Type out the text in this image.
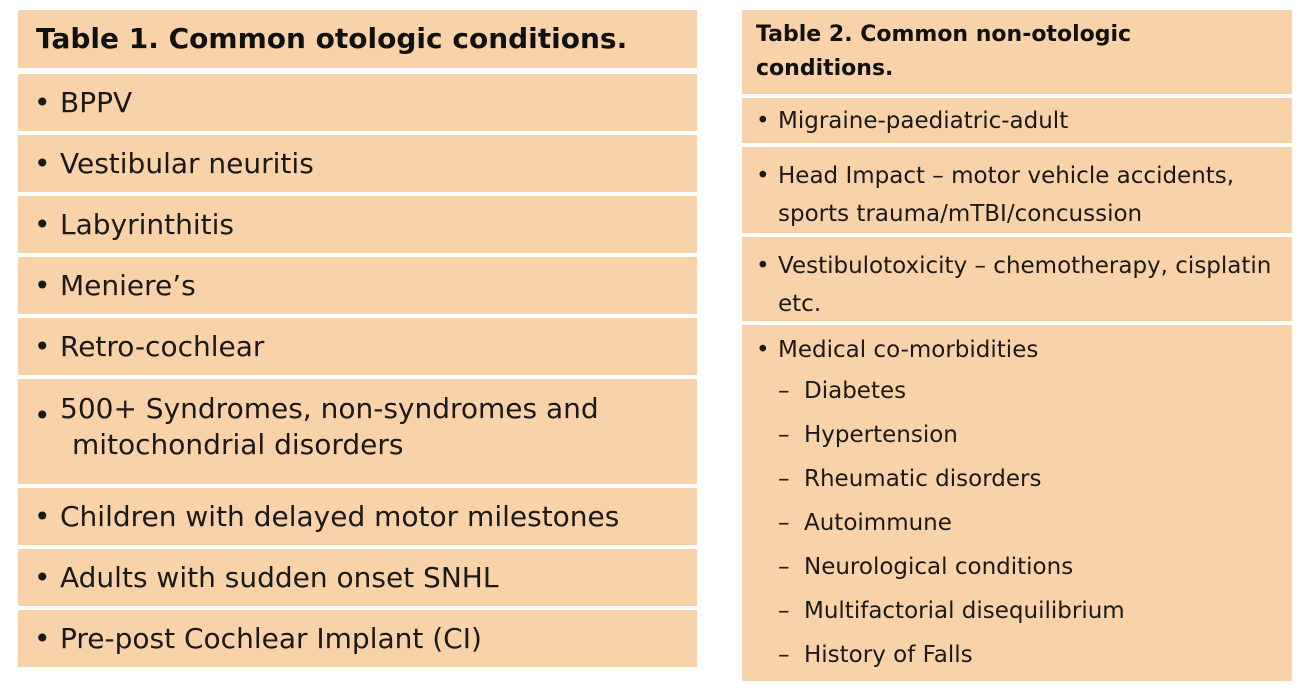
Table 1. Common otologic conditions.
• BPPV
• Vestibular neuritis
• Labyrinthitis
• Meniere’s
• Retro-cochlear
• 500+ Syndromes, non-syndromes and
mitochondrial disorders
• Children with delayed motor milestones
• Adults with sudden onset SNHL
• Pre-post Cochlear Implant (CI)
Table 2. Common non-otologic
conditions.
• Migraine-paediatric-adult
• Head Impact – motor vehicle accidents,
sports trauma/mTBI/concussion
• Vestibulotoxicity – chemotherapy, cisplatin
etc.
• Medical co-morbidities
– Diabetes
– Hypertension
– Rheumatic disorders
– Autoimmune
– Neurological conditions
– Multifactorial disequilibrium
– History of Falls
